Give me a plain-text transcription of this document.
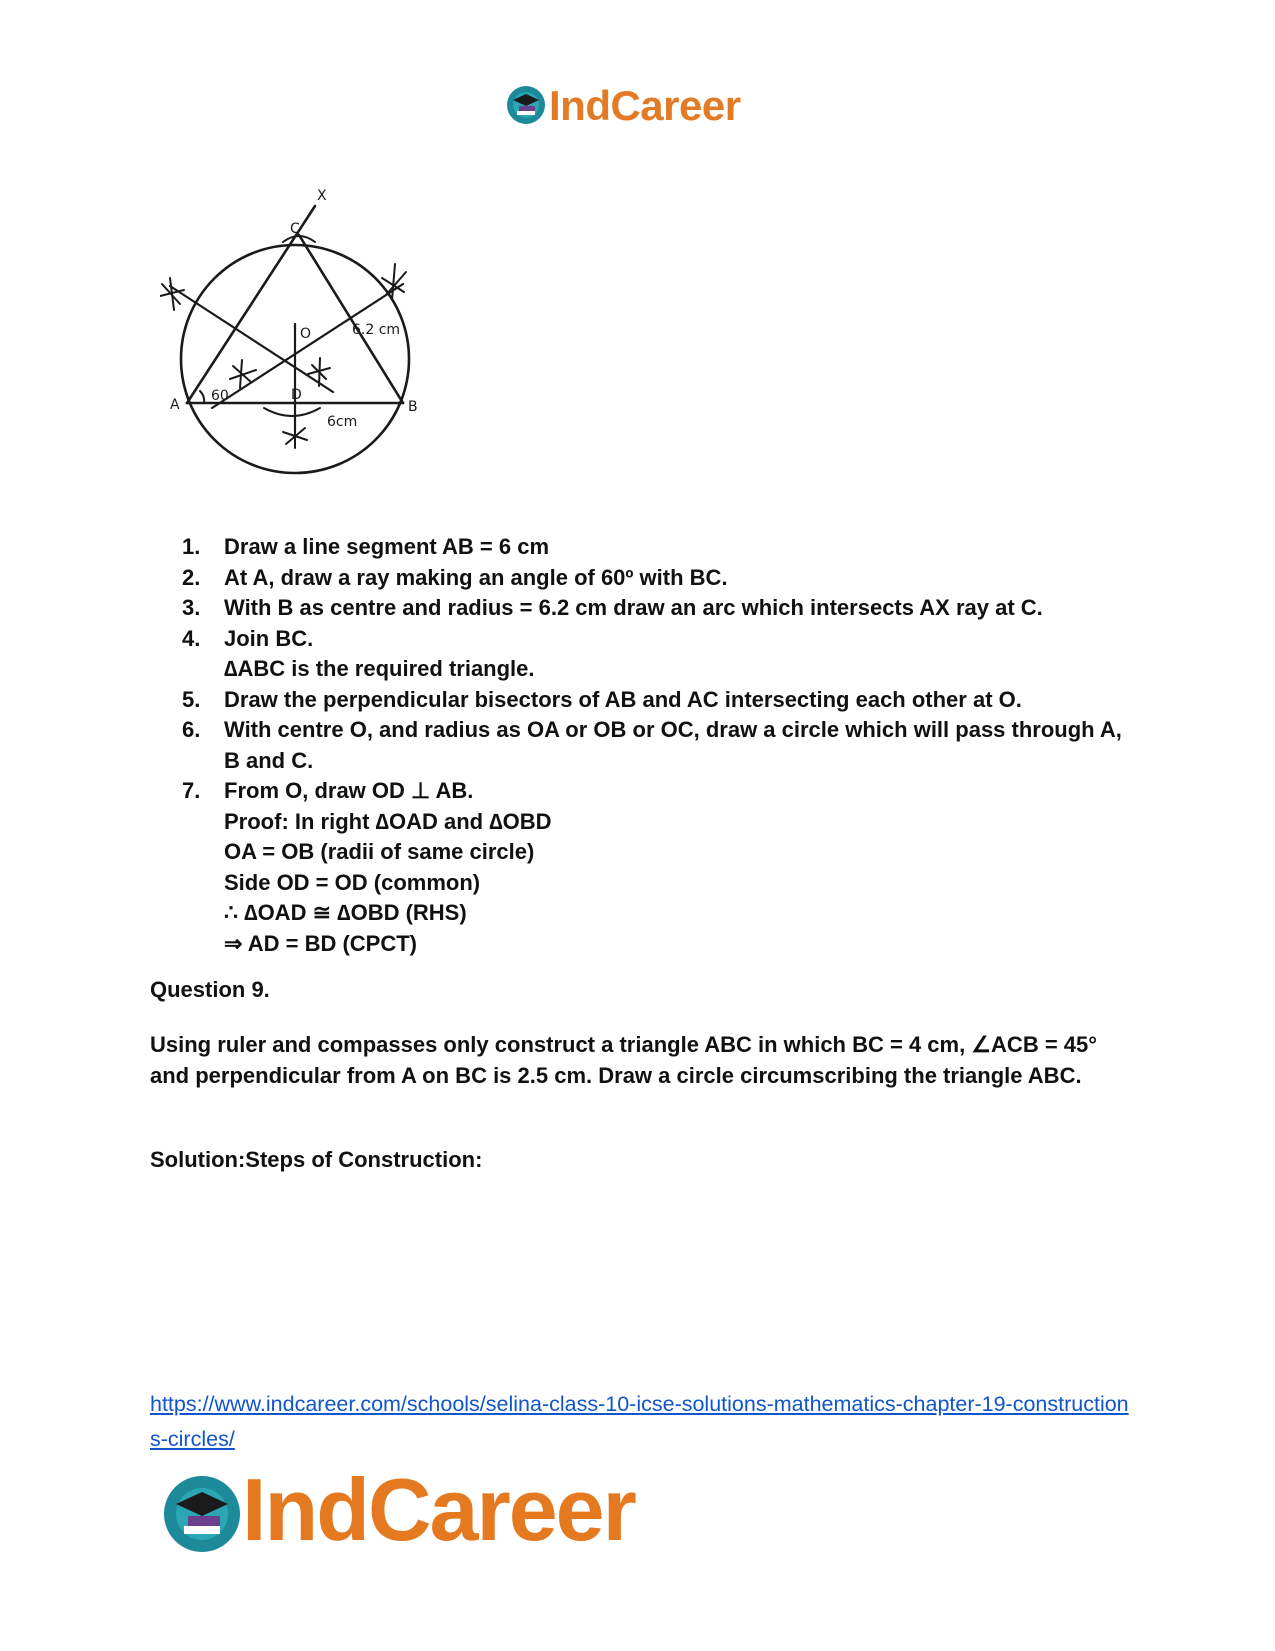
IndCareer
X
C
O
D
A	B
60
6.2 cm
6cm
1. Draw a line segment AB = 6 cm
2. At A, draw a ray making an angle of 60º with BC.
3. With B as centre and radius = 6.2 cm draw an arc which intersects AX ray at C.
4. Join BC.
∆ABC is the required triangle.
5. Draw the perpendicular bisectors of AB and AC intersecting each other at O.
6. With centre O, and radius as OA or OB or OC, draw a circle which will pass through A, B and C.
7. From O, draw OD ⊥ AB.
Proof: In right ∆OAD and ∆OBD
OA = OB (radii of same circle)
Side OD = OD (common)
∴ ∆OAD ≅ ∆OBD (RHS)
⇒ AD = BD (CPCT)

Question 9.

Using ruler and compasses only construct a triangle ABC in which BC = 4 cm, ∠ACB = 45° and perpendicular from A on BC is 2.5 cm. Draw a circle circumscribing the triangle ABC.

Solution:Steps of Construction:

https://www.indcareer.com/schools/selina-class-10-icse-solutions-mathematics-chapter-19-constructions-circles/
IndCareer
